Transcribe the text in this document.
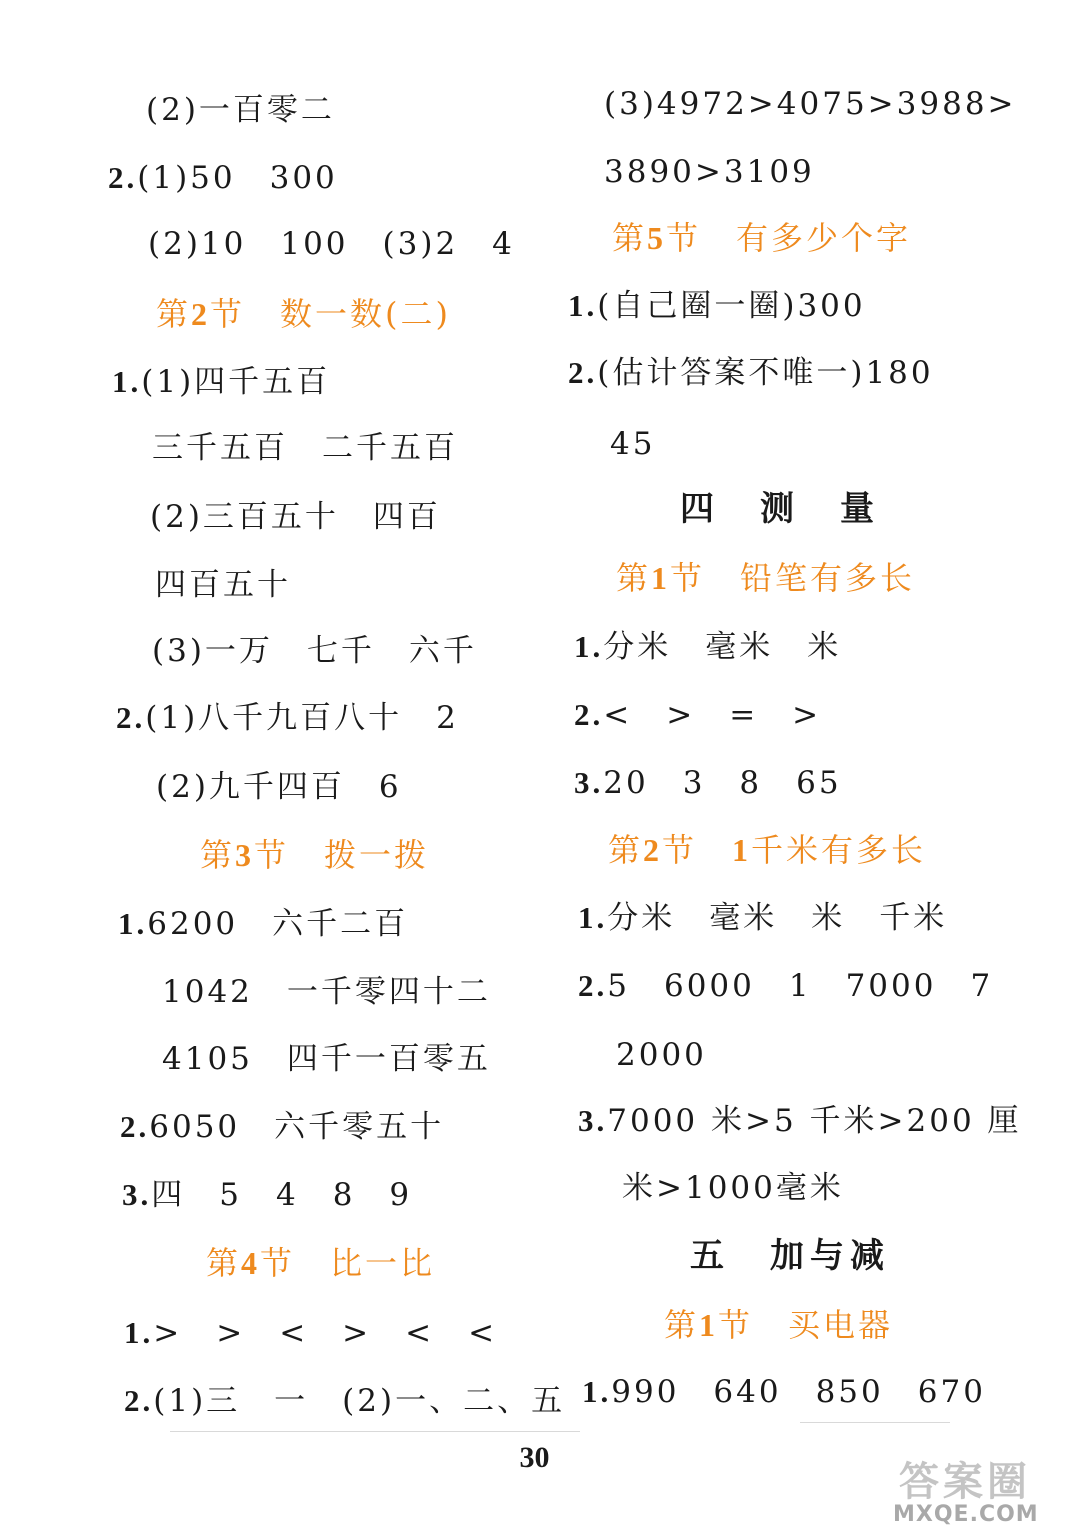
(2)一百零二
2.(1)50　300
(2)10　100　(3)2　4
第2节　 数一数(二)
1.(1)四千五百
三千五百　二千五百
(2)三百五十　四百
四百五十
(3)一万　七千　六千
2.(1)八千九百八十　2
(2)九千四百　6
第3节　 拨一拨
1.6200　六千二百
1042　一千零四十二
4105　四千一百零五
2.6050　六千零五十
3.四　5　4　8　9
第4节　 比一比
1.>　>　<　>　<　<
2.(1)三　一　(2)一、二、五
(3)4972>4075>3988>
3890>3109
第5节　 有多少个字
1.(自己圈一圈)300
2.(估计答案不唯一)180
45
四　测　量
第1节　 铅笔有多长
1.分米　毫米　米
2.<　>　=　>
3.20　3　8　65
第2节　 1千米有多长
1.分米　毫米　米　千米
2.5　6000　1　7000　7
2000
3.7000 米>5 千米>200 厘
米>1000毫米
五　加与减
第1节　 买电器
1.990　640　850　670
30
答案圈
MXQE.COM
